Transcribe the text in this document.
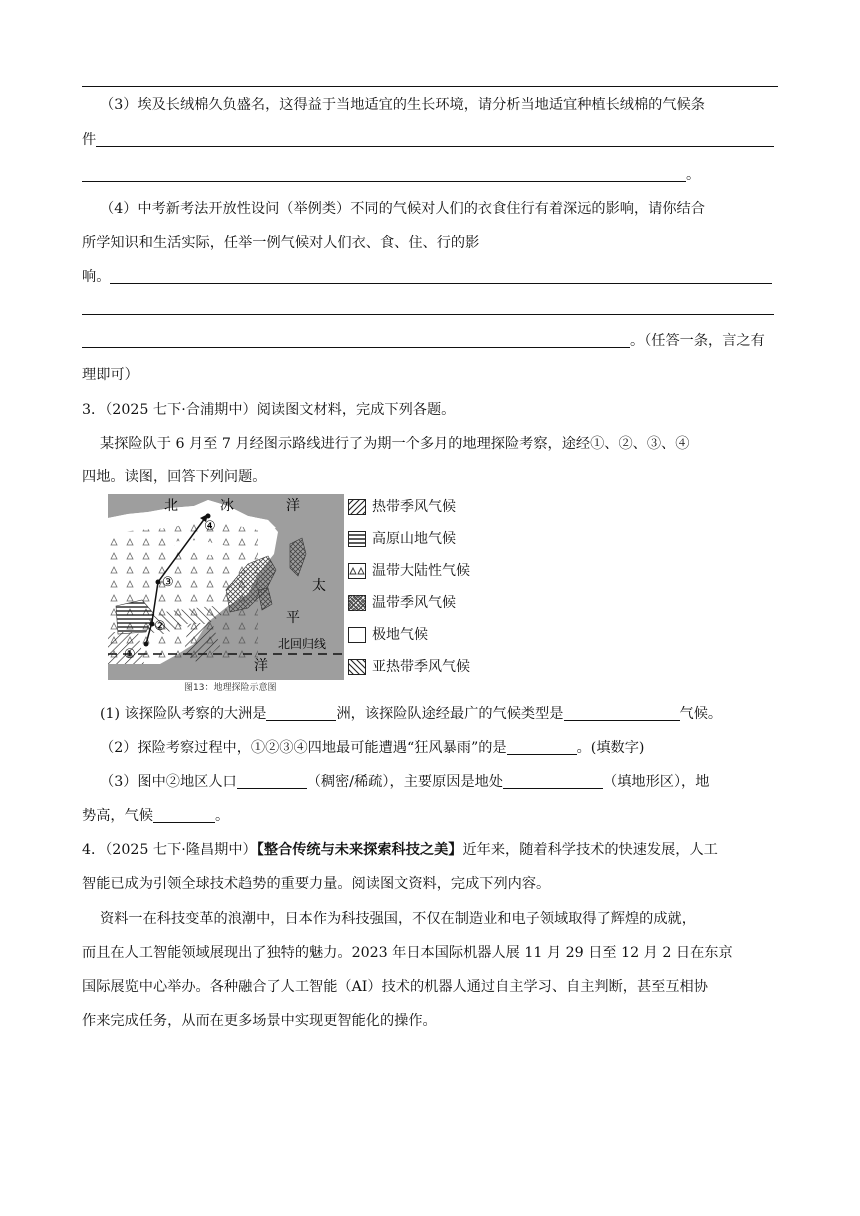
（3）埃及长绒棉久负盛名，这得益于当地适宜的生长环境，请分析当地适宜种植长绒棉的气候条
件
。
（4）中考新考法开放性设问（举例类）不同的气候对人们的衣食住行有着深远的影响，请你结合
所学知识和生活实际，任举一例气候对人们衣、食、住、行的影
响。
。（任答一条，言之有
理即可）
3．（2025 七下·合浦期中）阅读图文材料，完成下列各题。
某探险队于 6 月至 7 月经图示路线进行了为期一个多月的地理探险考察，途经①、②、③、④
四地。读图，回答下列问题。
北	冰	洋
太
平
洋
北回归线
①
②
③
④
图13：地理探险示意图
热带季风气候
高原山地气候
温带大陆性气候
温带季风气候
极地气候
亚热带季风气候
(1) 该探险队考察的大洲是	洲，该探险队途经最广的气候类型是	气候。
（2）探险考察过程中，①②③④四地最可能遭遇“狂风暴雨”的是	。(填数字)
（3）图中②地区人口	（稠密/稀疏），主要原因是地处	（填地形区），地
势高，气候	。
4．（2025 七下·隆昌期中）【整合传统与未来探索科技之美】近年来，随着科学技术的快速发展，人工
智能已成为引领全球技术趋势的重要力量。阅读图文资料，完成下列内容。
资料一在科技变革的浪潮中，日本作为科技强国，不仅在制造业和电子领域取得了辉煌的成就，
而且在人工智能领域展现出了独特的魅力。2023 年日本国际机器人展 11 月 29 日至 12 月 2 日在东京
国际展览中心举办。各种融合了人工智能（AI）技术的机器人通过自主学习、自主判断，甚至互相协
作来完成任务，从而在更多场景中实现更智能化的操作。
